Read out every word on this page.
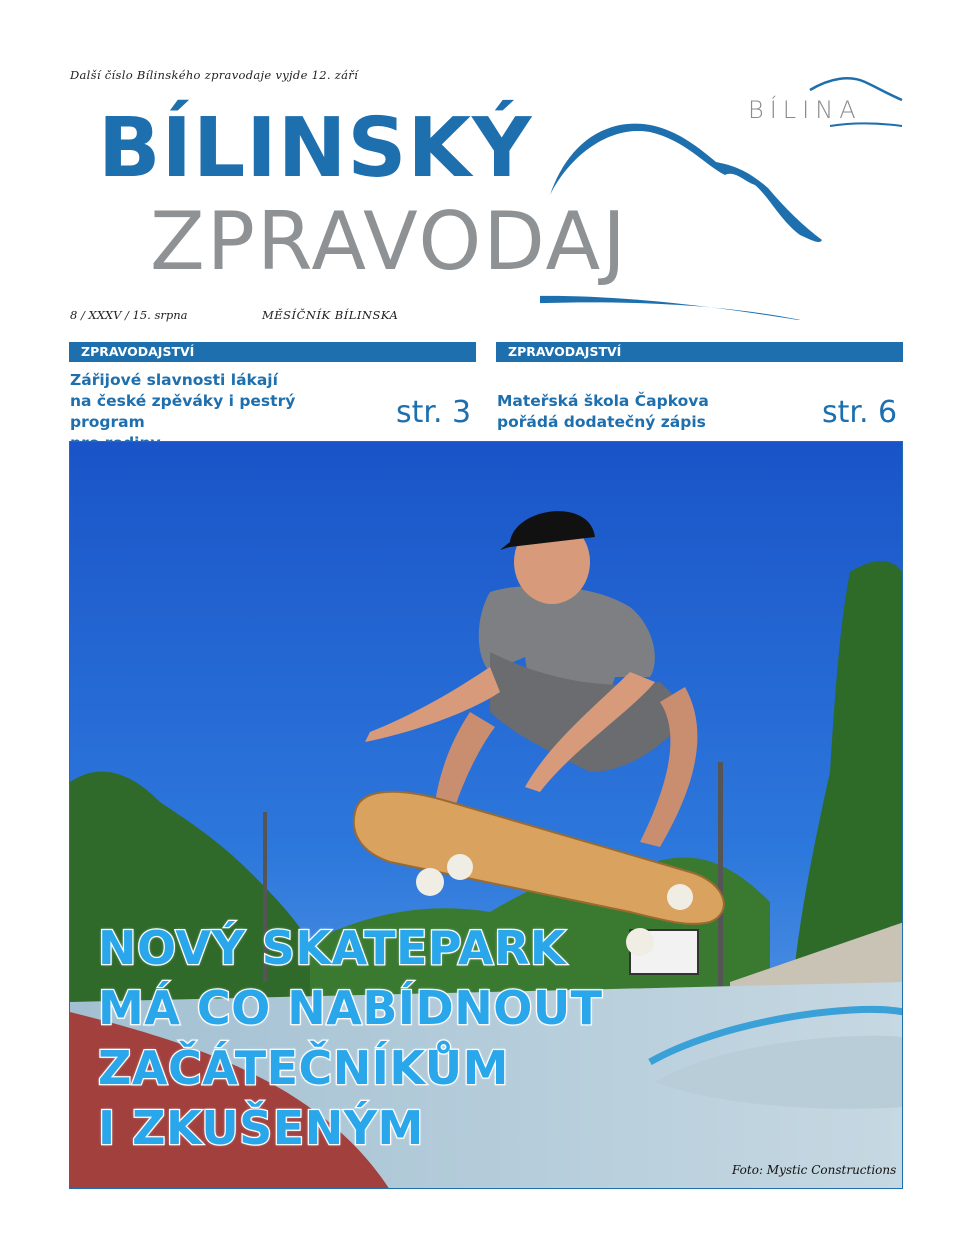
Další číslo Bílinského zpravodaje vyjde 12. září
BÍLINA
BÍLINSKÝ
ZPRAVODAJ
8 / XXXV / 15. srpna	MĚSÍČNÍK BÍLINSKA
ZPRAVODAJSTVÍ
Zářijové slavnosti lákají
na české zpěváky i pestrý program	str. 3
ZPRAVODAJSTVÍ
Mateřská škola Čapkova
pořádá dodatečný zápis	str. 6
NOVÝ SKATEPARK
MÁ CO NABÍDNOUT
ZAČÁTEČNÍKŮM
I ZKUŠENÝM
Foto: Mystic Constructions
